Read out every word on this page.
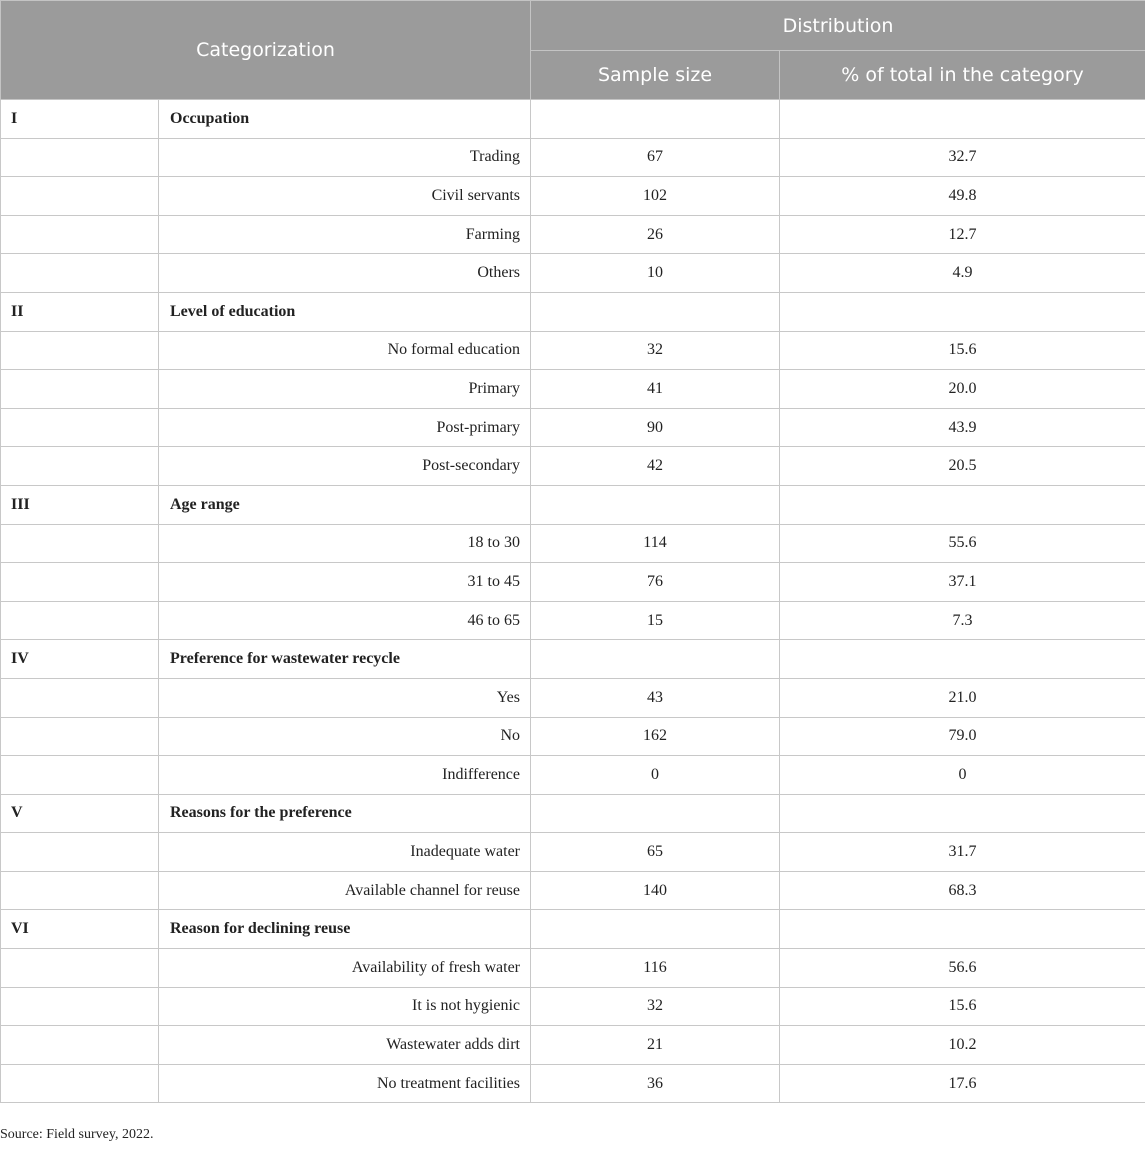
Categorization		Distribution	
		Sample size	% of total in the category
I	Occupation		
	Trading	67	32.7
	Civil servants	102	49.8
	Farming	26	12.7
	Others	10	4.9
II	Level of education		
	No formal education	32	15.6
	Primary	41	20.0
	Post-primary	90	43.9
	Post-secondary	42	20.5
III	Age range		
	18 to 30	114	55.6
	31 to 45	76	37.1
	46 to 65	15	7.3
IV	Preference for wastewater recycle		
	Yes	43	21.0
	No	162	79.0
	Indifference	0	0
V	Reasons for the preference		
	Inadequate water	65	31.7
	Available channel for reuse	140	68.3
VI	Reason for declining reuse		
	Availability of fresh water	116	56.6
	It is not hygienic	32	15.6
	Wastewater adds dirt	21	10.2
	No treatment facilities	36	17.6

Source: Field survey, 2022.
